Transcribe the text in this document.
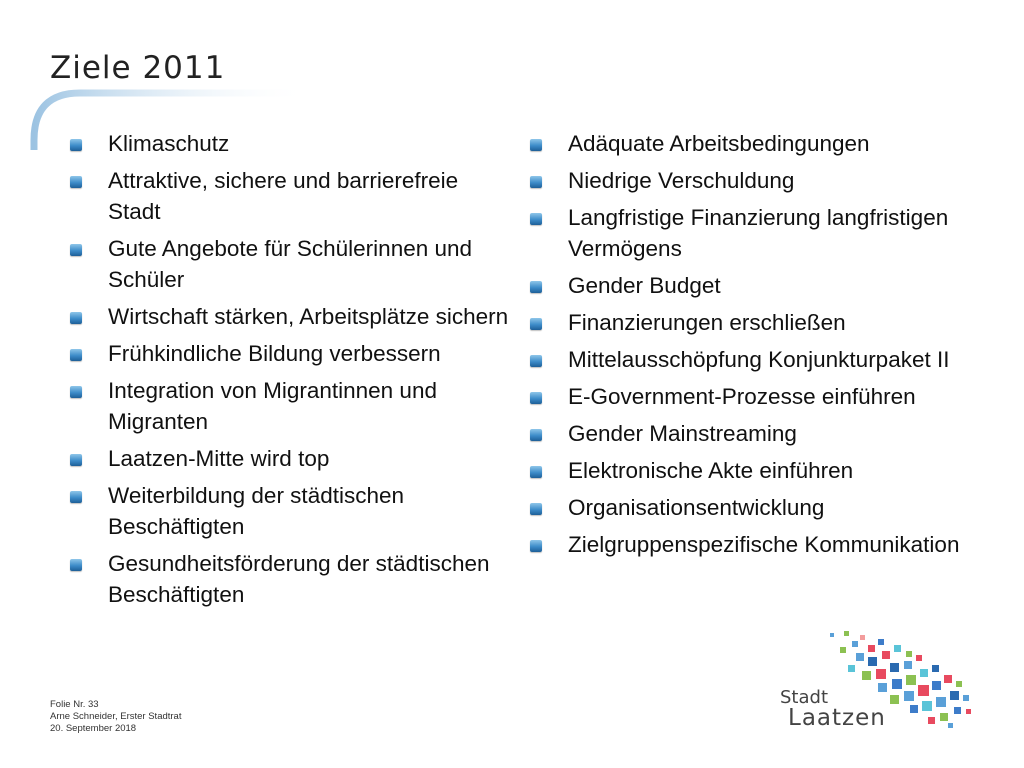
Ziele 2011
Klimaschutz
Attraktive, sichere und barrierefreie Stadt
Gute Angebote für Schülerinnen und Schüler
Wirtschaft stärken, Arbeitsplätze sichern
Frühkindliche Bildung verbessern
Integration von Migrantinnen und Migranten
Laatzen-Mitte wird top
Weiterbildung der städtischen Beschäftigten
Gesundheitsförderung der städtischen Beschäftigten
Adäquate Arbeitsbedingungen
Niedrige Verschuldung
Langfristige Finanzierung langfristigen Vermögens
Gender Budget
Finanzierungen erschließen
Mittelausschöpfung Konjunkturpaket II
E-Government-Prozesse einführen
Gender Mainstreaming
Elektronische Akte einführen
Organisationsentwicklung
Zielgruppenspezifische Kommunikation
Folie Nr. 33
Arne Schneider, Erster Stadtrat
20. September 2018
Stadt
Laatzen
